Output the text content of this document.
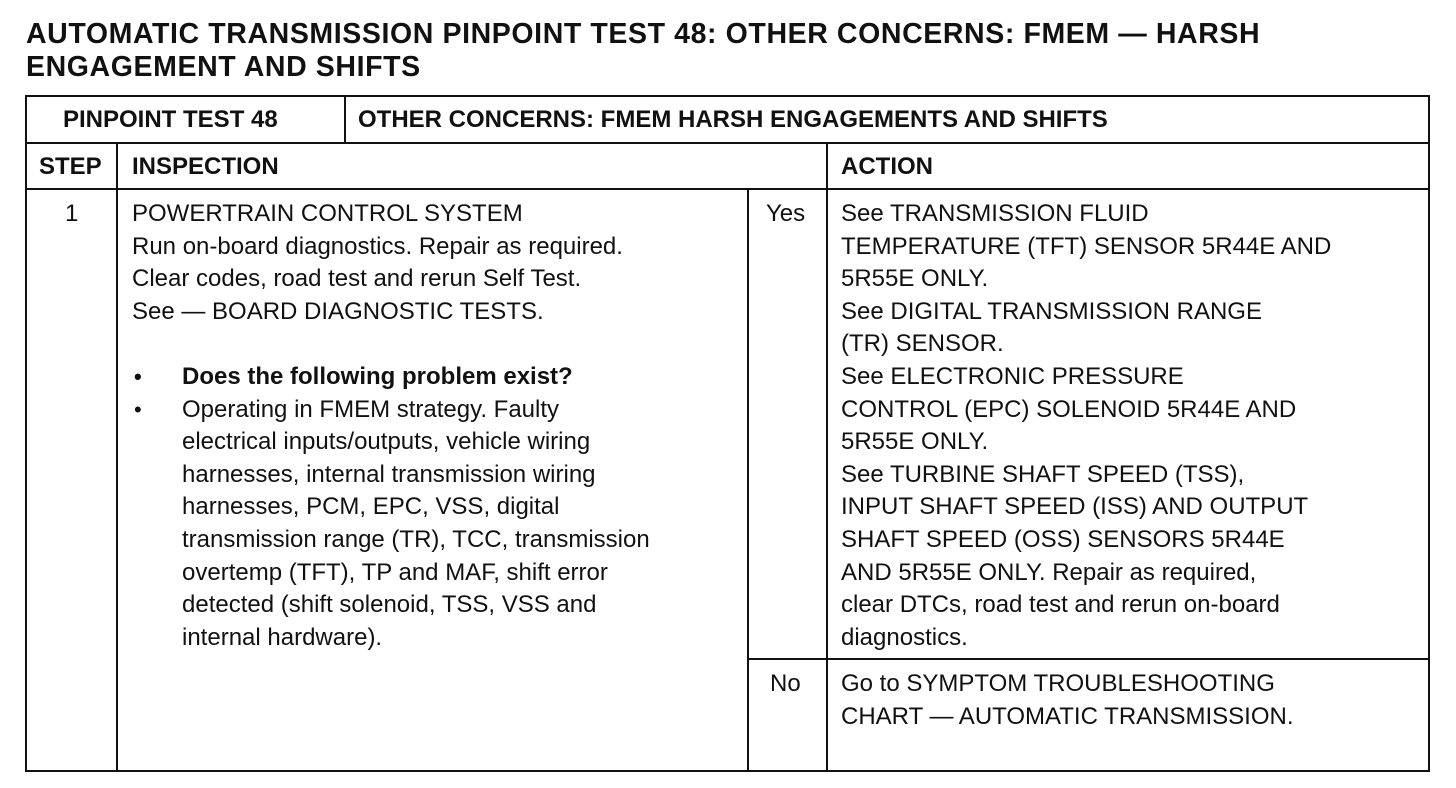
AUTOMATIC TRANSMISSION PINPOINT TEST 48: OTHER CONCERNS: FMEM — HARSH
ENGAGEMENT AND SHIFTS
PINPOINT TEST 48	OTHER CONCERNS: FMEM HARSH ENGAGEMENTS AND SHIFTS
STEP INSPECTION	ACTION
1 POWERTRAIN CONTROL SYSTEM
Run on-board diagnostics. Repair as required.
Clear codes, road test and rerun Self Test.
See — BOARD DIAGNOSTIC TESTS.
• Does the following problem exist?
• Operating in FMEM strategy. Faulty
electrical inputs/outputs, vehicle wiring
harnesses, internal transmission wiring
harnesses, PCM, EPC, VSS, digital
transmission range (TR), TCC, transmission
overtemp (TFT), TP and MAF, shift error
detected (shift solenoid, TSS, VSS and
internal hardware).
Yes See TRANSMISSION FLUID
TEMPERATURE (TFT) SENSOR 5R44E AND
5R55E ONLY.
See DIGITAL TRANSMISSION RANGE
(TR) SENSOR.
See ELECTRONIC PRESSURE
CONTROL (EPC) SOLENOID 5R44E AND
5R55E ONLY.
See TURBINE SHAFT SPEED (TSS),
INPUT SHAFT SPEED (ISS) AND OUTPUT
SHAFT SPEED (OSS) SENSORS 5R44E
AND 5R55E ONLY. Repair as required,
clear DTCs, road test and rerun on-board
diagnostics.
No Go to SYMPTOM TROUBLESHOOTING
CHART — AUTOMATIC TRANSMISSION.
